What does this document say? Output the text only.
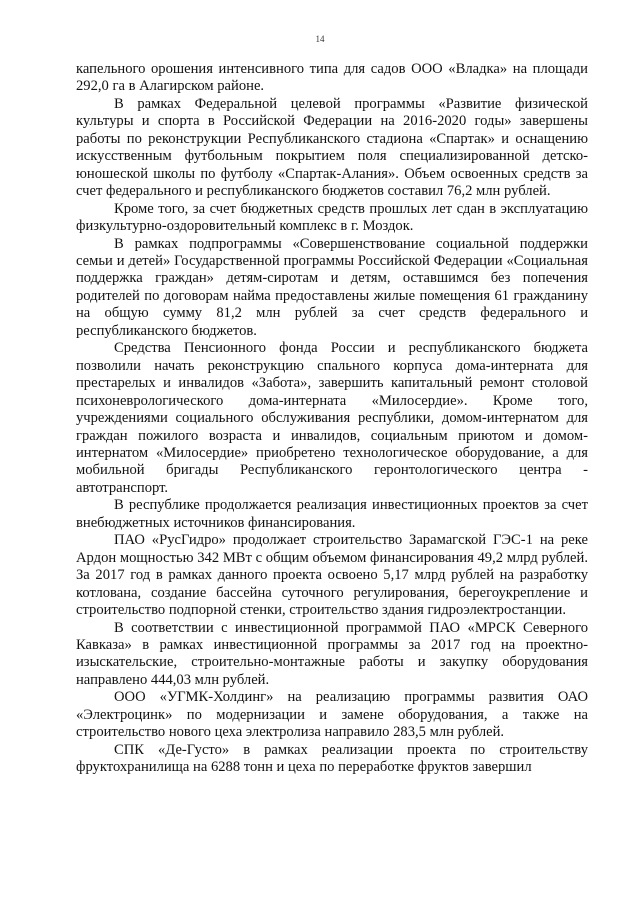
14

капельного орошения интенсивного типа для садов ООО «Владка» на площади 292,0 га в Алагирском районе.

В рамках Федеральной целевой программы «Развитие физической культуры и спорта в Российской Федерации на 2016-2020 годы» завершены работы по реконструкции Республиканского стадиона «Спартак» и оснащению искусственным футбольным покрытием поля специализированной детско-юношеской школы по футболу «Спартак-Алания». Объем освоенных средств за счет федерального и республиканского бюджетов составил 76,2 млн рублей.

Кроме того, за счет бюджетных средств прошлых лет сдан в эксплуатацию физкультурно-оздоровительный комплекс в г. Моздок.

В рамках подпрограммы «Совершенствование социальной поддержки семьи и детей» Государственной программы Российской Федерации «Социальная поддержка граждан» детям-сиротам и детям, оставшимся без попечения родителей по договорам найма предоставлены жилые помещения 61 гражданину на общую сумму 81,2 млн рублей за счет средств федерального и республиканского бюджетов.

Средства Пенсионного фонда России и республиканского бюджета позволили начать реконструкцию спального корпуса дома-интерната для престарелых и инвалидов «Забота», завершить капитальный ремонт столовой психоневрологического дома-интерната «Милосердие». Кроме того, учреждениями социального обслуживания республики, домом-интернатом для граждан пожилого возраста и инвалидов, социальным приютом и домом-интернатом «Милосердие» приобретено технологическое оборудование, а для мобильной бригады Республиканского геронтологического центра - автотранспорт.

В республике продолжается реализация инвестиционных проектов за счет внебюджетных источников финансирования.

ПАО «РусГидро» продолжает строительство Зарамагской ГЭС-1 на реке Ардон мощностью 342 МВт с общим объемом финансирования 49,2 млрд рублей. За 2017 год в рамках данного проекта освоено 5,17 млрд рублей на разработку котлована, создание бассейна суточного регулирования, берегоукрепление и строительство подпорной стенки, строительство здания гидроэлектростанции.

В соответствии с инвестиционной программой ПАО «МРСК Северного Кавказа» в рамках инвестиционной программы за 2017 год на проектно-изыскательские, строительно-монтажные работы и закупку оборудования направлено 444,03 млн рублей.

ООО «УГМК-Холдинг» на реализацию программы развития ОАО «Электроцинк» по модернизации и замене оборудования, а также на строительство нового цеха электролиза направило 283,5 млн рублей.

СПК «Де-Густо» в рамках реализации проекта по строительству фруктохранилища на 6288 тонн и цеха по переработке фруктов завершил
